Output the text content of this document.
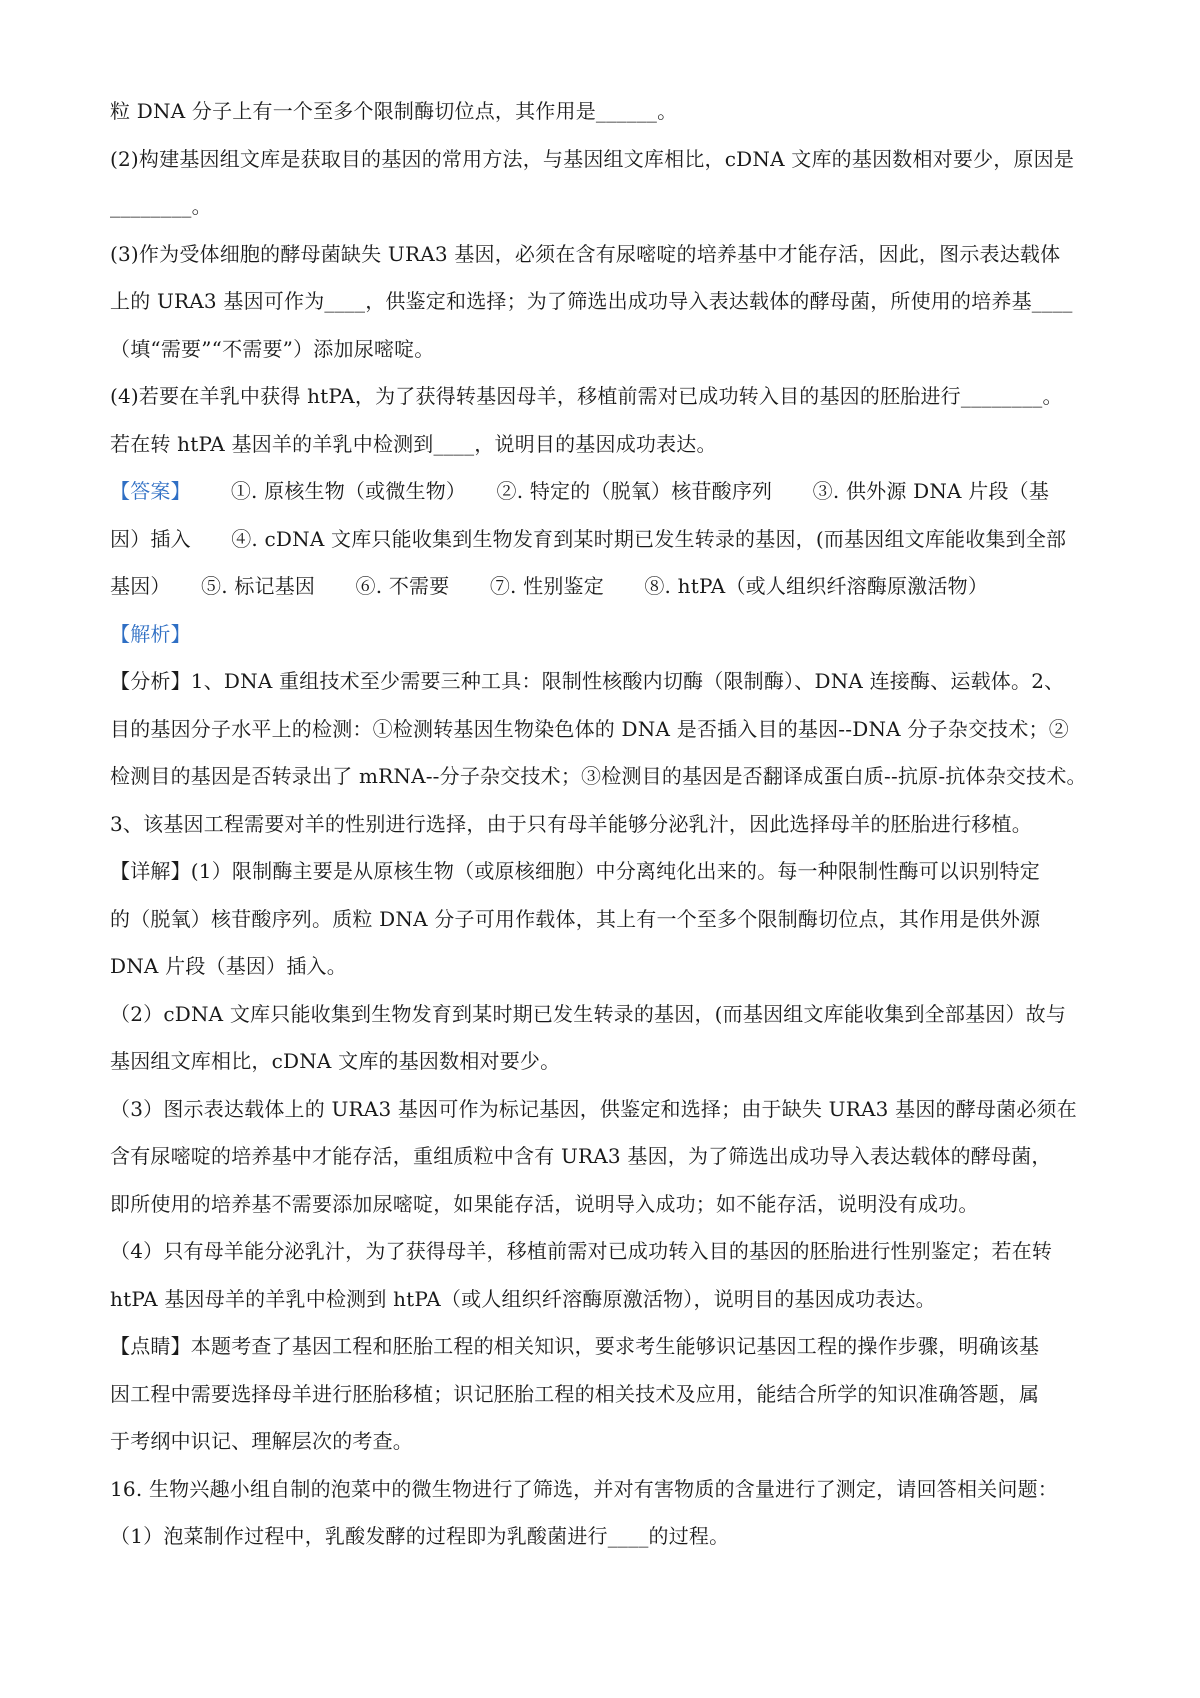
粒 DNA 分子上有一个至多个限制酶切位点，其作用是______。
(2)构建基因组文库是获取目的基因的常用方法，与基因组文库相比，cDNA 文库的基因数相对要少，原因是
________。
(3)作为受体细胞的酵母菌缺失 URA3 基因，必须在含有尿嘧啶的培养基中才能存活，因此，图示表达载体
上的 URA3 基因可作为____，供鉴定和选择；为了筛选出成功导入表达载体的酵母菌，所使用的培养基____
（填“需要”“不需要”）添加尿嘧啶。
(4)若要在羊乳中获得 htPA，为了获得转基因母羊，移植前需对已成功转入目的基因的胚胎进行________。
若在转 htPA 基因羊的羊乳中检测到____，说明目的基因成功表达。
【答案】 ①. 原核生物（或微生物）　　②. 特定的（脱氧）核苷酸序列　　③. 供外源 DNA 片段（基
因）插入　　④. cDNA 文库只能收集到生物发育到某时期已发生转录的基因，(而基因组文库能收集到全部
基因）　　⑤. 标记基因　　⑥. 不需要　　⑦. 性别鉴定　　⑧. htPA（或人组织纤溶酶原激活物）
【解析】
【分析】1、DNA 重组技术至少需要三种工具：限制性核酸内切酶（限制酶）、DNA 连接酶、运载体。2、
目的基因分子水平上的检测：①检测转基因生物染色体的 DNA 是否插入目的基因--DNA 分子杂交技术；②
检测目的基因是否转录出了 mRNA--分子杂交技术；③检测目的基因是否翻译成蛋白质--抗原-抗体杂交技术。
3、该基因工程需要对羊的性别进行选择，由于只有母羊能够分泌乳汁，因此选择母羊的胚胎进行移植。
【详解】(1）限制酶主要是从原核生物（或原核细胞）中分离纯化出来的。每一种限制性酶可以识别特定
的（脱氧）核苷酸序列。质粒 DNA 分子可用作载体，其上有一个至多个限制酶切位点，其作用是供外源
DNA 片段（基因）插入。
（2）cDNA 文库只能收集到生物发育到某时期已发生转录的基因，(而基因组文库能收集到全部基因）故与
基因组文库相比，cDNA 文库的基因数相对要少。
（3）图示表达载体上的 URA3 基因可作为标记基因，供鉴定和选择；由于缺失 URA3 基因的酵母菌必须在
含有尿嘧啶的培养基中才能存活，重组质粒中含有 URA3 基因，为了筛选出成功导入表达载体的酵母菌，
即所使用的培养基不需要添加尿嘧啶，如果能存活，说明导入成功；如不能存活，说明没有成功。
（4）只有母羊能分泌乳汁，为了获得母羊，移植前需对已成功转入目的基因的胚胎进行性别鉴定；若在转
htPA 基因母羊的羊乳中检测到 htPA（或人组织纤溶酶原激活物），说明目的基因成功表达。
【点睛】本题考查了基因工程和胚胎工程的相关知识，要求考生能够识记基因工程的操作步骤，明确该基
因工程中需要选择母羊进行胚胎移植；识记胚胎工程的相关技术及应用，能结合所学的知识准确答题，属
于考纲中识记、理解层次的考查。
16. 生物兴趣小组自制的泡菜中的微生物进行了筛选，并对有害物质的含量进行了测定，请回答相关问题：
（1）泡菜制作过程中，乳酸发酵的过程即为乳酸菌进行____的过程。
